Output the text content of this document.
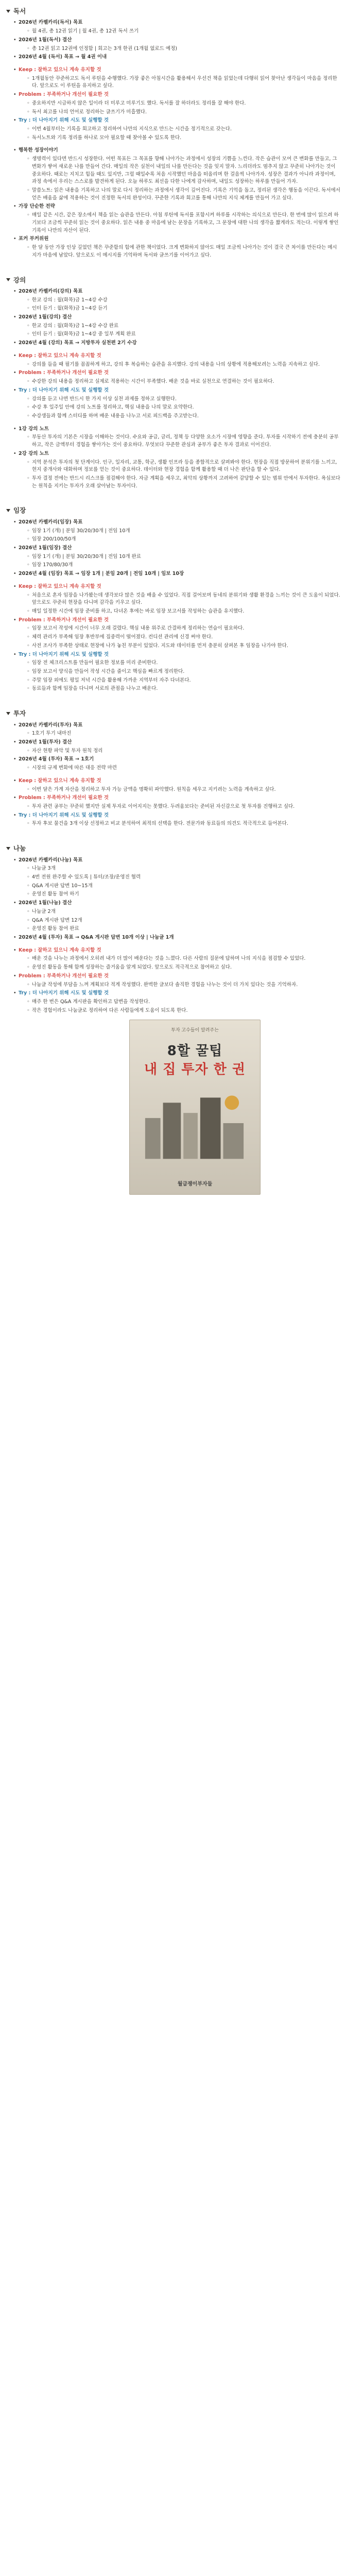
독서
• 2026년 카펠카리(독서) 목표
◦ 월 4권, 총 12권 읽기 | 월 4권, 총 12권 독서 쓰기
• 2026년 1월(독서) 결산
◦ 총 12권 읽고 12권에 인정함 | 회고는 3개 한권 (1개월 없로드 예정)
• 2026년 4월 (독서) 목표 → 월 4권 이내
• Keep : 잘하고 있으니 계속 유지할 것
◦ 1개월동안 꾸준하고도 독서 루틴을 수행했다. 가장 좋은 아침시간을 활용해서 우선건 책을 읽었는데 다행히 읽어 찾아난 생각들이 마음을 정리한다. 앞으로도 이 루틴을 유지하고 싶다.
• Problem : 부족하거나 개선이 필요한 것
◦ 중요하지만 시급하지 않은 일이라 더 미루고 미루기도 했다. 독서를 잘 하더라도 정리를 잘 해야 한다.
◦ 독서 최고를 나의 언어로 정리하는 글쓰기가 미흡했다.
• Try : 더 나아지기 위해 시도 및 실행할 것
◦ 이번 4월부터는 기록을 회고하고 정리하여 나만의 지식으로 만드는 시간을 정기적으로 갖는다.
◦ 독서노트와 기록 정리를 하나로 모아 필요할 때 찾아볼 수 있도록 한다.
• 행복한 성장이야기
◦ 생명력이 있다면 반드시 성장한다. 어떤 목표든 그 목표를 향해 나아가는 과정에서 성장의 기쁨을 느낀다. 작은 습관이 모여 큰 변화를 만들고, 그 변화가 쌓여 새로운 나를 만들어 간다. 매일의 작은 실천이 내일의 나를 만든다는 것을 잊지 말자. 느리더라도 멈추지 않고 꾸준히 나아가는 것이 중요하다. 때로는 지치고 힘들 때도 있지만, 그럴 때일수록 처음 시작했던 마음을 떠올리며 한 걸음씩 나아가자. 성장은 결과가 아니라 과정이며, 과정 속에서 우리는 스스로를 발견하게 된다. 오늘 하루도 최선을 다한 나에게 감사하며, 내일도 성장하는 하루를 만들어 가자.
◦ 말씀노트: 읽은 내용을 기록하고 나의 말로 다시 정리하는 과정에서 생각이 깊어진다. 기록은 기억을 돕고, 정리된 생각은 행동을 이끈다. 독서에서 얻은 배움을 삶에 적용하는 것이 진정한 독서의 완성이다. 꾸준한 기록과 회고를 통해 나만의 지식 체계를 만들어 가고 싶다.
• 가장 단순한 전략
◦ 매일 같은 시간, 같은 장소에서 책을 읽는 습관을 만든다. 아침 루틴에 독서를 포함시켜 하루를 시작하는 의식으로 만든다. 한 번에 많이 읽으려 하기보다 조금씩 꾸준히 읽는 것이 중요하다. 읽은 내용 중 마음에 남는 문장을 기록하고, 그 문장에 대한 나의 생각을 짧게라도 적는다. 이렇게 쌓인 기록이 나만의 자산이 된다.
• 포커 부커위원
◦ 한 달 동안 가장 인상 깊었던 책은 꾸준함의 힘에 관한 책이었다. 크게 변화하지 않아도 매일 조금씩 나아가는 것이 결국 큰 차이를 만든다는 메시지가 마음에 남았다. 앞으로도 이 메시지를 기억하며 독서와 글쓰기를 이어가고 싶다.
강의
• 2026년 카펠카리(강의) 목표
◦ 한교 강의 : 월(화목)금 1~4강 수강
◦ 인터 듣기 : 월(화목)금 1~4강 듣기
• 2026년 1월(강의) 결산
◦ 한교 강의 : 월(화목)금 1~4강 수강 완료
◦ 인터 듣기 : 월(화목)금 1~4강 중 일부 계획 완료
• 2026년 4월 (강의) 목표 → 지방투자 실천편 2기 수강
• Keep : 잘하고 있으니 계속 유지할 것
◦ 강의를 들을 때 필기를 꼼꼼하게 하고, 강의 후 복습하는 습관을 유지했다. 강의 내용을 나의 상황에 적용해보려는 노력을 지속하고 싶다.
• Problem : 부족하거나 개선이 필요한 것
◦ 수강한 강의 내용을 정리하고 실제로 적용하는 시간이 부족했다. 배운 것을 바로 실천으로 연결하는 것이 필요하다.
• Try : 더 나아지기 위해 시도 및 실행할 것
◦ 강의를 듣고 나면 반드시 한 가지 이상 실천 과제를 정하고 실행한다.
◦ 수강 후 일주일 안에 강의 노트를 정리하고, 핵심 내용을 나의 말로 요약한다.
◦ 수강생들과 함께 스터디를 하며 배운 내용을 나누고 서로 피드백을 주고받는다.
• 1강 강의 노트
◦ 부동산 투자의 기본은 시장을 이해하는 것이다. 수요와 공급, 금리, 정책 등 다양한 요소가 시장에 영향을 준다. 투자를 시작하기 전에 충분히 공부하고, 작은 금액부터 경험을 쌓아가는 것이 중요하다. 무엇보다 꾸준한 관심과 공부가 좋은 투자 결과로 이어진다.
• 2강 강의 노트
◦ 지역 분석은 투자의 첫 단계이다. 인구, 일자리, 교통, 학군, 생활 인프라 등을 종합적으로 살펴봐야 한다. 현장을 직접 방문하여 분위기를 느끼고, 현지 중개사와 대화하며 정보를 얻는 것이 중요하다. 데이터와 현장 경험을 함께 활용할 때 더 나은 판단을 할 수 있다.
◦ 투자 결정 전에는 반드시 리스크를 점검해야 한다. 자금 계획을 세우고, 최악의 상황까지 고려하여 감당할 수 있는 범위 안에서 투자한다. 욕심보다는 원칙을 지키는 투자가 오래 살아남는 투자이다.
임장
• 2026년 카펠카리(임장) 목표
◦ 임장 1기 (개) | 분임 30/20/30개 | 전임 10개
◦ 임장 200/100/50개
• 2026년 1월(임장) 결산
◦ 임장 1기 (개) | 분임 30/20/30개 | 전임 10개 완료
◦ 임장 170/80/30개
• 2026년 4월 (임장) 목표 → 임장 1개 | 분임 20개 | 전임 10개 | 임보 10장
• Keep : 잘하고 있으니 계속 유지할 것
◦ 처음으로 혼자 임장을 나가봤는데 생각보다 많은 것을 배울 수 있었다. 직접 걸어보며 동네의 분위기와 생활 환경을 느끼는 것이 큰 도움이 되었다. 앞으로도 꾸준히 현장을 다니며 감각을 키우고 싶다.
◦ 매일 일정한 시간에 임장 준비를 하고, 다녀온 후에는 바로 임장 보고서를 작성하는 습관을 유지했다.
• Problem : 부족하거나 개선이 필요한 것
◦ 임장 보고서 작성에 시간이 너무 오래 걸렸다. 핵심 내용 위주로 간결하게 정리하는 연습이 필요하다.
◦ 체력 관리가 부족해 임장 후반부에 집중력이 떨어졌다. 컨디션 관리에 신경 써야 한다.
◦ 사전 조사가 부족한 상태로 현장에 나가 놓친 부분이 있었다. 지도와 데이터를 먼저 충분히 살펴본 후 임장을 나가야 한다.
• Try : 더 나아지기 위해 시도 및 실행할 것
◦ 임장 전 체크리스트를 만들어 필요한 정보를 미리 준비한다.
◦ 임장 보고서 양식을 만들어 작성 시간을 줄이고 핵심을 빠르게 정리한다.
◦ 주말 임장 외에도 평일 저녁 시간을 활용해 가까운 지역부터 자주 다녀본다.
◦ 동료들과 함께 임장을 다니며 서로의 관점을 나누고 배운다.
투자
• 2026년 카펠카리(투자) 목표
◦ 1호기 투기 내마진
• 2026년 1월(투자) 결산
◦ 자산 현황 파악 및 투자 원칙 정리
• 2026년 4월 (투자) 목표 → 1호기
◦ 시장의 규제 변화에 따른 대응 전략 마련
• Keep : 잘하고 있으니 계속 유지할 것
◦ 이번 달은 가계 자산을 정리하고 투자 가능 금액을 명확히 파악했다. 원칙을 세우고 지키려는 노력을 계속하고 싶다.
• Problem : 부족하거나 개선이 필요한 것
◦ 투자 관련 공부는 꾸준히 했지만 실제 투자로 이어지지는 못했다. 두려움보다는 준비된 자신감으로 첫 투자를 진행하고 싶다.
• Try : 더 나아지기 위해 시도 및 실행할 것
◦ 투자 후보 물건을 3개 이상 선정하고 비교 분석하여 최적의 선택을 한다. 전문가와 동료들의 의견도 적극적으로 들어본다.
나눔
• 2026년 카펠카리(나눔) 목표
◦ 나눔글 3개
◦ 4번 전원 완주할 수 있도록 | 튜터/조장/운영진 협력
◦ Q&A 게시판 답변 10~15개
◦ 운영진 활동 참여 하기
• 2026년 1월(나눔) 결산
◦ 나눔글 2개
◦ Q&A 게시판 답변 12개
◦ 운영진 활동 참여 완료
• 2026년 4월 (투자) 목표 → Q&A 게시판 답변 10개 이상 | 나눔글 1개
• Keep : 잘하고 있으니 계속 유지할 것
◦ 배운 것을 나누는 과정에서 오히려 내가 더 많이 배운다는 것을 느꼈다. 다른 사람의 질문에 답하며 나의 지식을 점검할 수 있었다.
◦ 운영진 활동을 통해 함께 성장하는 즐거움을 알게 되었다. 앞으로도 적극적으로 참여하고 싶다.
• Problem : 부족하거나 개선이 필요한 것
◦ 나눔글 작성에 부담을 느껴 계획보다 적게 작성했다. 완벽한 글보다 솔직한 경험을 나누는 것이 더 가치 있다는 것을 기억하자.
• Try : 더 나아지기 위해 시도 및 실행할 것
◦ 매주 한 번은 Q&A 게시판을 확인하고 답변을 작성한다.
◦ 작은 경험이라도 나눔글로 정리하여 다른 사람들에게 도움이 되도록 한다.
투자 고수들이 알려주는
8할 꿀팁
내 집 투자 한 권
월급쟁이부자들
